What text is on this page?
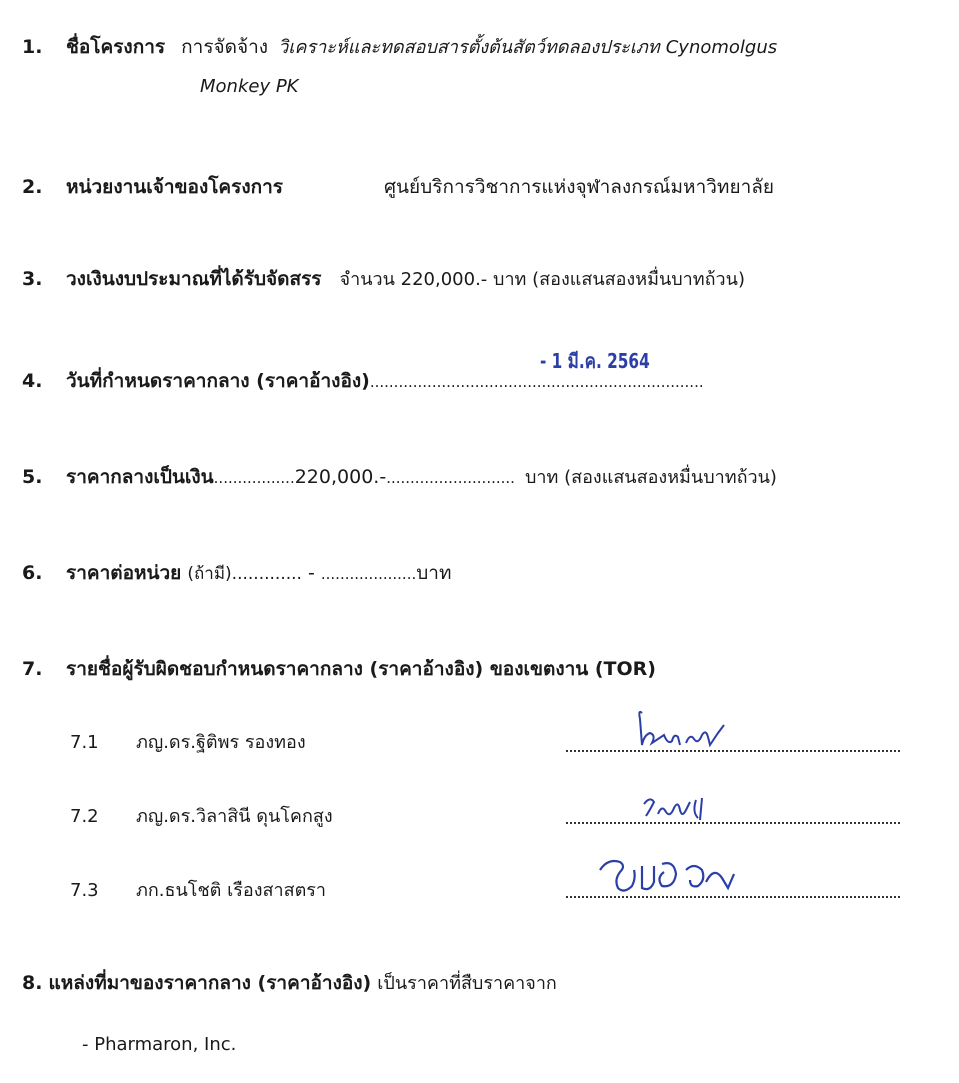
1. ชื่อโครงการ การจัดจ้าง วิเคราะห์และทดสอบสารตั้งต้นสัตว์ทดลองประเภท Cynomolgus
Monkey PK
2. หน่วยงานเจ้าของโครงการ	ศูนย์บริการวิชาการแห่งจุฬาลงกรณ์มหาวิทยาลัย
3. วงเงินงบประมาณที่ได้รับจัดสรร จำนวน 220,000.- บาท (สองแสนสองหมื่นบาทถ้วน)
- 1 มี.ค. 2564
4. วันที่กำหนดราคากลาง (ราคาอ้างอิง)......................................................................
5. ราคากลางเป็นเงิน.................220,000.-........................... บาท (สองแสนสองหมื่นบาทถ้วน)
6. ราคาต่อหน่วย (ถ้ามี)............. - ....................บาท
7. รายชื่อผู้รับผิดชอบกำหนดราคากลาง (ราคาอ้างอิง) ของเขตงาน (TOR)
7.1 ภญ.ดร.ฐิติพร รองทอง
7.2 ภญ.ดร.วิลาสินี ดุนโคกสูง
7.3 ภก.ธนโชติ เรืองสาสตรา
8. แหล่งที่มาของราคากลาง (ราคาอ้างอิง) เป็นราคาที่สืบราคาจาก
- Pharmaron, Inc.
